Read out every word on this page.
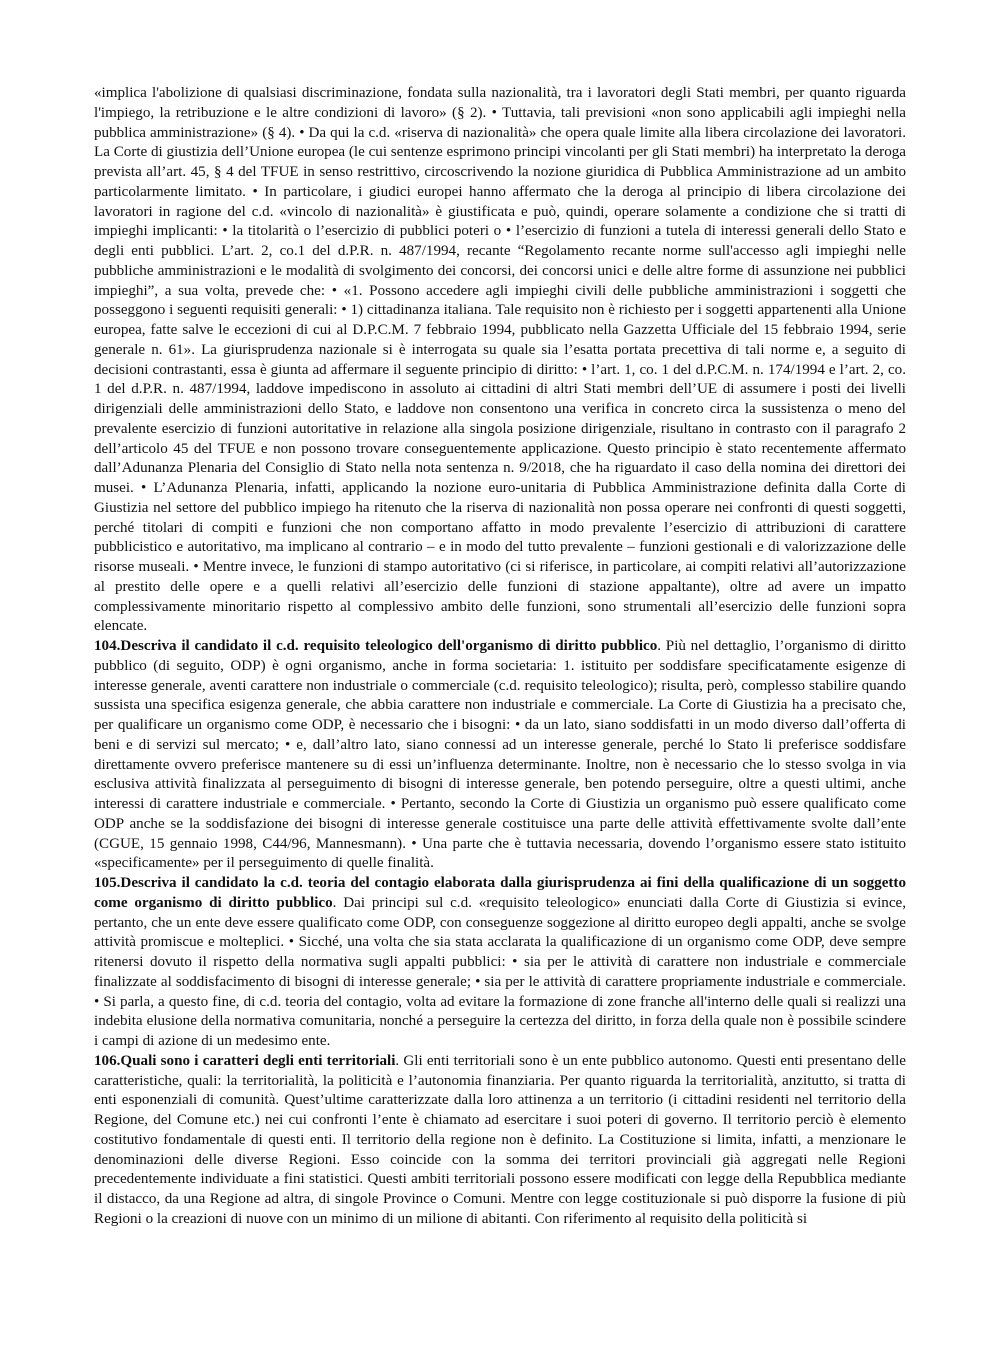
«implica l'abolizione di qualsiasi discriminazione, fondata sulla nazionalità, tra i lavoratori degli Stati membri, per quanto riguarda l'impiego, la retribuzione e le altre condizioni di lavoro» (§ 2). • Tuttavia, tali previsioni «non sono applicabili agli impieghi nella pubblica amministrazione» (§ 4). • Da qui la c.d. «riserva di nazionalità» che opera quale limite alla libera circolazione dei lavoratori. La Corte di giustizia dell’Unione europea (le cui sentenze esprimono principi vincolanti per gli Stati membri) ha interpretato la deroga prevista all’art. 45, § 4 del TFUE in senso restrittivo, circoscrivendo la nozione giuridica di Pubblica Amministrazione ad un ambito particolarmente limitato. • In particolare, i giudici europei hanno affermato che la deroga al principio di libera circolazione dei lavoratori in ragione del c.d. «vincolo di nazionalità» è giustificata e può, quindi, operare solamente a condizione che si tratti di impieghi implicanti: • la titolarità o l’esercizio di pubblici poteri o • l’esercizio di funzioni a tutela di interessi generali dello Stato e degli enti pubblici. L’art. 2, co.1 del d.P.R. n. 487/1994, recante “Regolamento recante norme sull'accesso agli impieghi nelle pubbliche amministrazioni e le modalità di svolgimento dei concorsi, dei concorsi unici e delle altre forme di assunzione nei pubblici impieghi”, a sua volta, prevede che: • «1. Possono accedere agli impieghi civili delle pubbliche amministrazioni i soggetti che posseggono i seguenti requisiti generali: • 1) cittadinanza italiana. Tale requisito non è richiesto per i soggetti appartenenti alla Unione europea, fatte salve le eccezioni di cui al D.P.C.M. 7 febbraio 1994, pubblicato nella Gazzetta Ufficiale del 15 febbraio 1994, serie generale n. 61». La giurisprudenza nazionale si è interrogata su quale sia l’esatta portata precettiva di tali norme e, a seguito di decisioni contrastanti, essa è giunta ad affermare il seguente principio di diritto: • l’art. 1, co. 1 del d.P.C.M. n. 174/1994 e l’art. 2, co. 1 del d.P.R. n. 487/1994, laddove impediscono in assoluto ai cittadini di altri Stati membri dell’UE di assumere i posti dei livelli dirigenziali delle amministrazioni dello Stato, e laddove non consentono una verifica in concreto circa la sussistenza o meno del prevalente esercizio di funzioni autoritative in relazione alla singola posizione dirigenziale, risultano in contrasto con il paragrafo 2 dell’articolo 45 del TFUE e non possono trovare conseguentemente applicazione. Questo principio è stato recentemente affermato dall’Adunanza Plenaria del Consiglio di Stato nella nota sentenza n. 9/2018, che ha riguardato il caso della nomina dei direttori dei musei. • L’Adunanza Plenaria, infatti, applicando la nozione euro-unitaria di Pubblica Amministrazione definita dalla Corte di Giustizia nel settore del pubblico impiego ha ritenuto che la riserva di nazionalità non possa operare nei confronti di questi soggetti, perché titolari di compiti e funzioni che non comportano affatto in modo prevalente l’esercizio di attribuzioni di carattere pubblicistico e autoritativo, ma implicano al contrario – e in modo del tutto prevalente – funzioni gestionali e di valorizzazione delle risorse museali. • Mentre invece, le funzioni di stampo autoritativo (ci si riferisce, in particolare, ai compiti relativi all’autorizzazione al prestito delle opere e a quelli relativi all’esercizio delle funzioni di stazione appaltante), oltre ad avere un impatto complessivamente minoritario rispetto al complessivo ambito delle funzioni, sono strumentali all’esercizio delle funzioni sopra elencate.

104.Descriva il candidato il c.d. requisito teleologico dell'organismo di diritto pubblico. Più nel dettaglio, l’organismo di diritto pubblico (di seguito, ODP) è ogni organismo, anche in forma societaria: 1. istituito per soddisfare specificatamente esigenze di interesse generale, aventi carattere non industriale o commerciale (c.d. requisito teleologico); risulta, però, complesso stabilire quando sussista una specifica esigenza generale, che abbia carattere non industriale e commerciale. La Corte di Giustizia ha a precisato che, per qualificare un organismo come ODP, è necessario che i bisogni: • da un lato, siano soddisfatti in un modo diverso dall’offerta di beni e di servizi sul mercato; • e, dall’altro lato, siano connessi ad un interesse generale, perché lo Stato li preferisce soddisfare direttamente ovvero preferisce mantenere su di essi un’influenza determinante. Inoltre, non è necessario che lo stesso svolga in via esclusiva attività finalizzata al perseguimento di bisogni di interesse generale, ben potendo perseguire, oltre a questi ultimi, anche interessi di carattere industriale e commerciale. • Pertanto, secondo la Corte di Giustizia un organismo può essere qualificato come ODP anche se la soddisfazione dei bisogni di interesse generale costituisce una parte delle attività effettivamente svolte dall’ente (CGUE, 15 gennaio 1998, C44/96, Mannesmann). • Una parte che è tuttavia necessaria, dovendo l’organismo essere stato istituito «specificamente» per il perseguimento di quelle finalità.

105.Descriva il candidato la c.d. teoria del contagio elaborata dalla giurisprudenza ai fini della qualificazione di un soggetto come organismo di diritto pubblico. Dai principi sul c.d. «requisito teleologico» enunciati dalla Corte di Giustizia si evince, pertanto, che un ente deve essere qualificato come ODP, con conseguenze soggezione al diritto europeo degli appalti, anche se svolge attività promiscue e molteplici. • Sicché, una volta che sia stata acclarata la qualificazione di un organismo come ODP, deve sempre ritenersi dovuto il rispetto della normativa sugli appalti pubblici: • sia per le attività di carattere non industriale e commerciale finalizzate al soddisfacimento di bisogni di interesse generale; • sia per le attività di carattere propriamente industriale e commerciale. • Si parla, a questo fine, di c.d. teoria del contagio, volta ad evitare la formazione di zone franche all'interno delle quali si realizzi una indebita elusione della normativa comunitaria, nonché a perseguire la certezza del diritto, in forza della quale non è possibile scindere i campi di azione di un medesimo ente.

106.Quali sono i caratteri degli enti territoriali. Gli enti territoriali sono è un ente pubblico autonomo. Questi enti presentano delle caratteristiche, quali: la territorialità, la politicità e l’autonomia finanziaria. Per quanto riguarda la territorialità, anzitutto, si tratta di enti esponenziali di comunità. Quest’ultime caratterizzate dalla loro attinenza a un territorio (i cittadini residenti nel territorio della Regione, del Comune etc.) nei cui confronti l’ente è chiamato ad esercitare i suoi poteri di governo. Il territorio perciò è elemento costitutivo fondamentale di questi enti. Il territorio della regione non è definito. La Costituzione si limita, infatti, a menzionare le denominazioni delle diverse Regioni. Esso coincide con la somma dei territori provinciali già aggregati nelle Regioni precedentemente individuate a fini statistici. Questi ambiti territoriali possono essere modificati con legge della Repubblica mediante il distacco, da una Regione ad altra, di singole Province o Comuni. Mentre con legge costituzionale si può disporre la fusione di più Regioni o la creazioni di nuove con un minimo di un milione di abitanti. Con riferimento al requisito della politicità si
